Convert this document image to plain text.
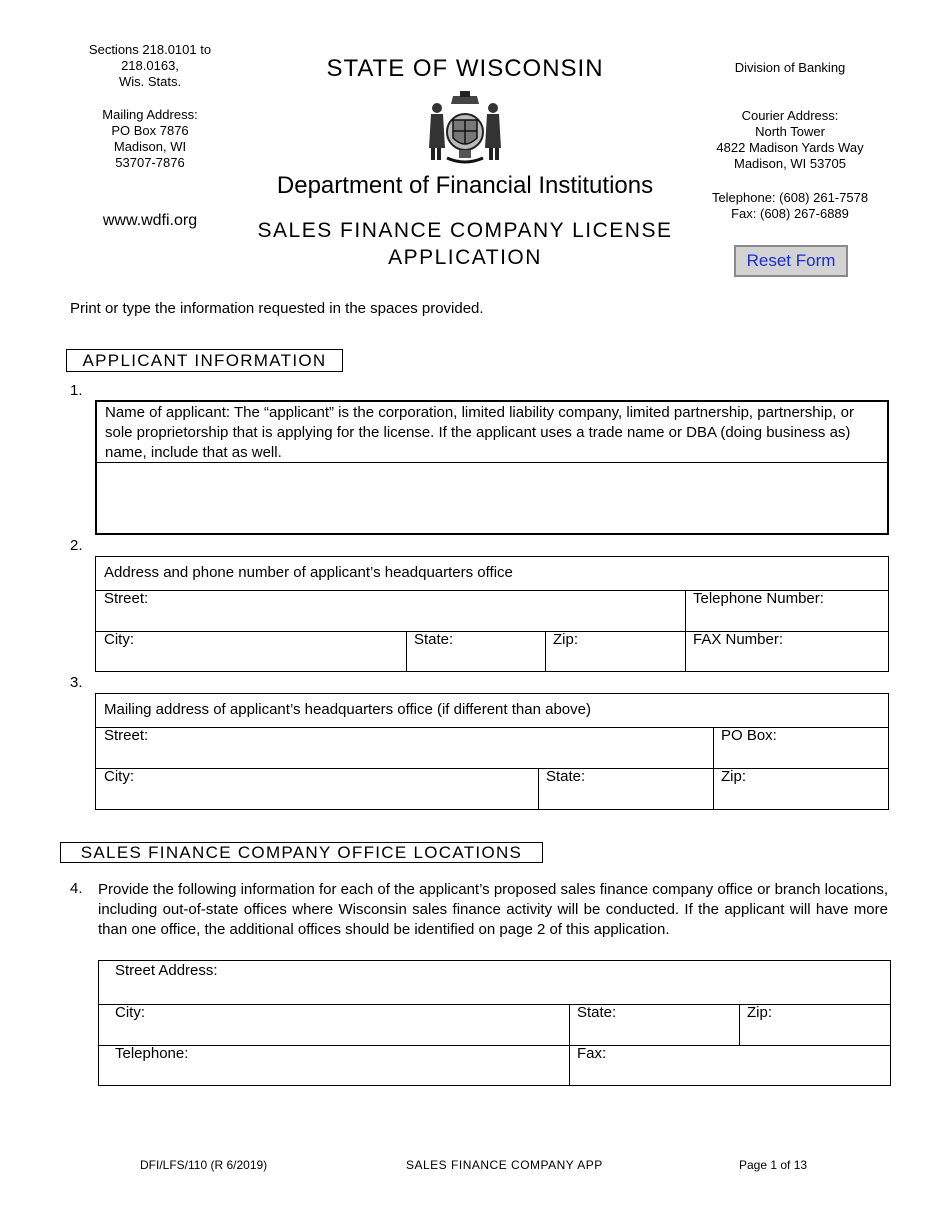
Sections 218.0101 to
218.0163,
Wis. Stats.
Mailing Address:
PO Box 7876
Madison, WI
53707-7876
www.wdfi.org
STATE OF WISCONSIN
Department of Financial Institutions
SALES FINANCE COMPANY LICENSE
APPLICATION
Division of Banking
Courier Address:
North Tower
4822 Madison Yards Way
Madison, WI 53705
Telephone: (608) 261-7578
Fax: (608) 267-6889
Reset Form
Print or type the information requested in the spaces provided.
APPLICANT INFORMATION
1.
Name of applicant: The “applicant” is the corporation, limited liability company, limited partnership, partnership, or sole proprietorship that is applying for the license. If the applicant uses a trade name or DBA (doing business as) name, include that as well.
2.
Address and phone number of applicant’s headquarters office
Street:	Telephone Number:
City:	State:	Zip:	FAX Number:
3.
Mailing address of applicant’s headquarters office (if different than above)
Street:	PO Box:
City:	State:	Zip:
SALES FINANCE COMPANY OFFICE LOCATIONS
4. Provide the following information for each of the applicant’s proposed sales finance company office or branch locations, including out-of-state offices where Wisconsin sales finance activity will be conducted. If the applicant will have more than one office, the additional offices should be identified on page 2 of this application.
Street Address:
City:	State:	Zip:
Telephone:	Fax:
DFI/LFS/110 (R 6/2019)	SALES FINANCE COMPANY APP	Page 1 of 13
